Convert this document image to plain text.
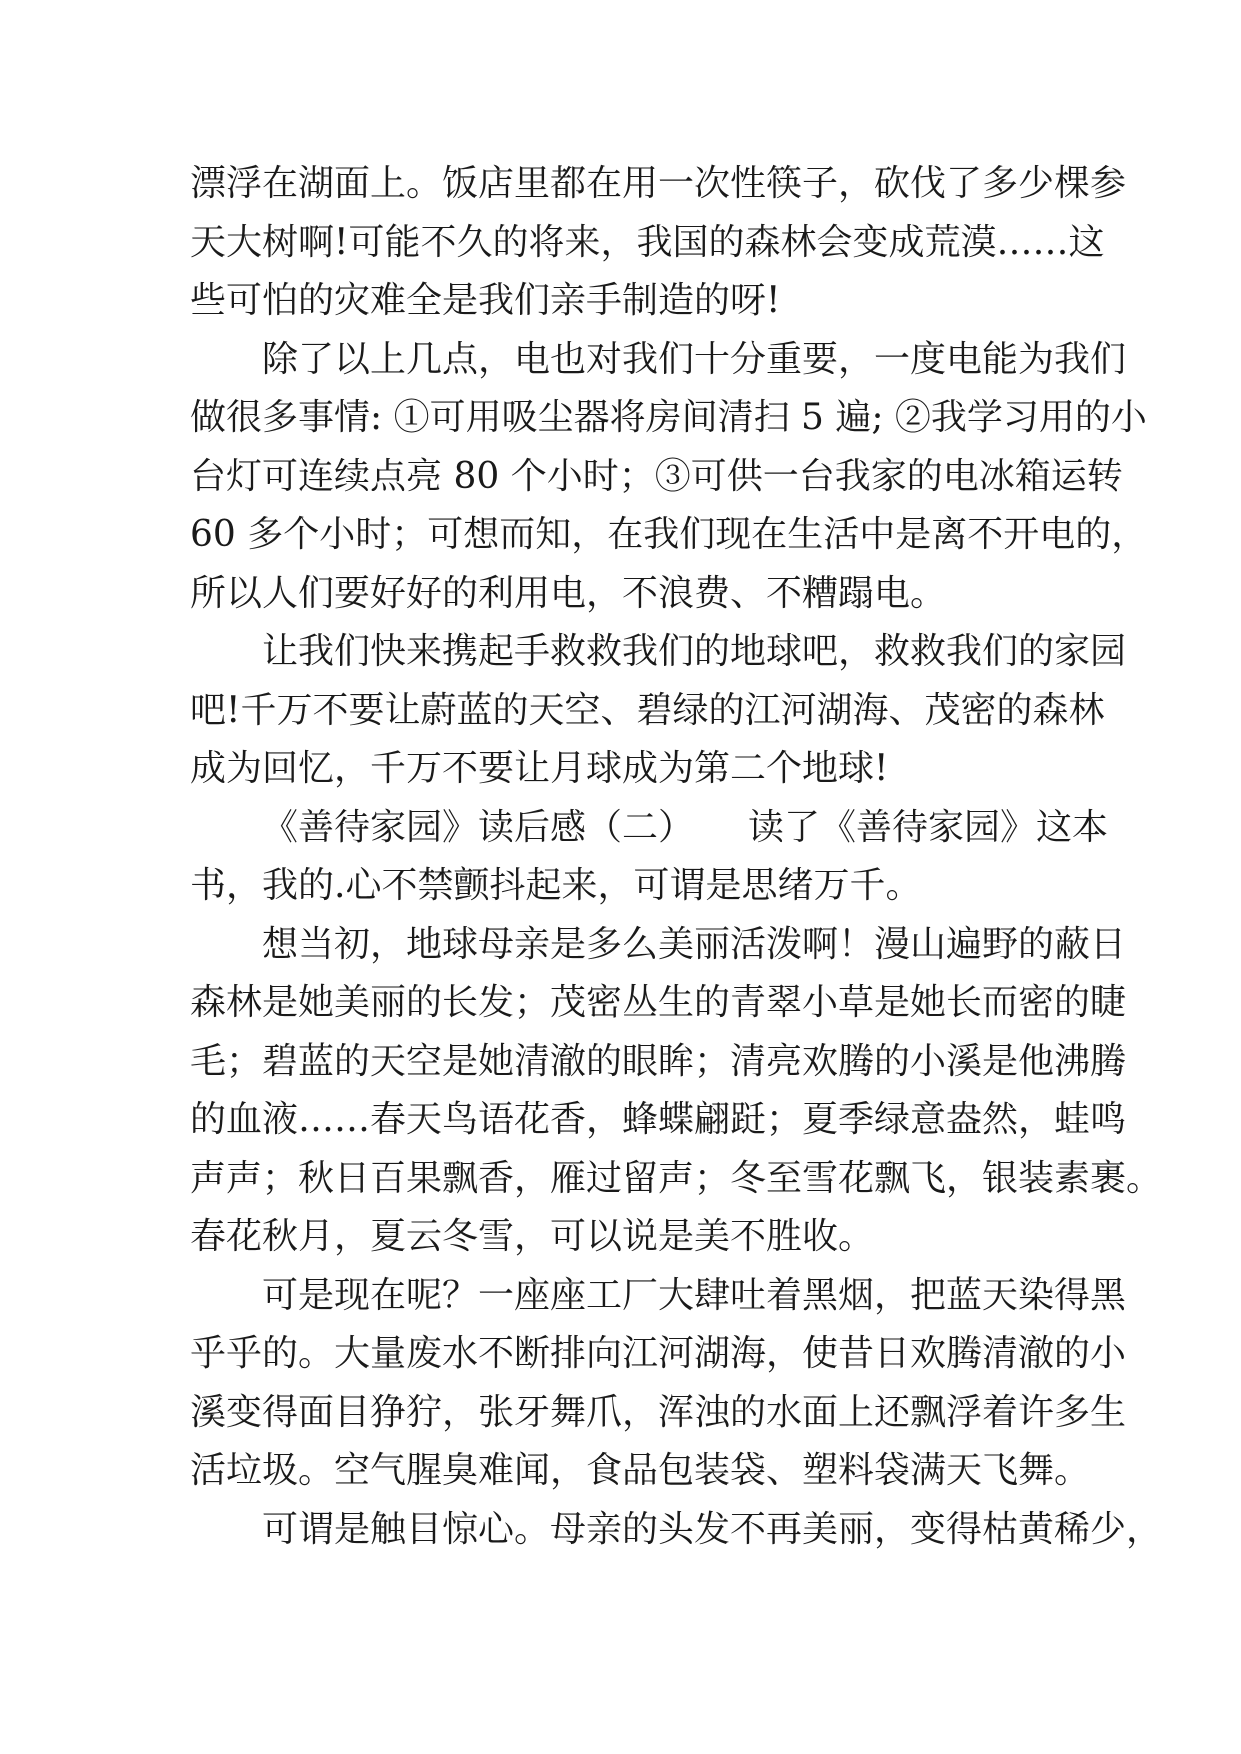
漂浮在湖面上。饭店里都在用一次性筷子，砍伐了多少棵参
天大树啊!可能不久的将来，我国的森林会变成荒漠……这
些可怕的灾难全是我们亲手制造的呀!
除了以上几点，电也对我们十分重要，一度电能为我们
做很多事情: ①可用吸尘器将房间清扫 5 遍; ②我学习用的小
台灯可连续点亮 80 个小时；③可供一台我家的电冰箱运转
60 多个小时；可想而知，在我们现在生活中是离不开电的，
所以人们要好好的利用电，不浪费、不糟蹋电。
让我们快来携起手救救我们的地球吧，救救我们的家园
吧!千万不要让蔚蓝的天空、碧绿的江河湖海、茂密的森林
成为回忆，千万不要让月球成为第二个地球!
《善待家园》读后感（二）　　读了《善待家园》这本
书，我的.心不禁颤抖起来，可谓是思绪万千。
想当初，地球母亲是多么美丽活泼啊！漫山遍野的蔽日
森林是她美丽的长发；茂密丛生的青翠小草是她长而密的睫
毛；碧蓝的天空是她清澈的眼眸；清亮欢腾的小溪是他沸腾
的血液……春天鸟语花香，蜂蝶翩跹；夏季绿意盎然，蛙鸣
声声；秋日百果飘香，雁过留声；冬至雪花飘飞，银装素裹。
春花秋月，夏云冬雪，可以说是美不胜收。
可是现在呢？一座座工厂大肆吐着黑烟，把蓝天染得黑
乎乎的。大量废水不断排向江河湖海，使昔日欢腾清澈的小
溪变得面目狰狞，张牙舞爪，浑浊的水面上还飘浮着许多生
活垃圾。空气腥臭难闻，食品包装袋、塑料袋满天飞舞。
可谓是触目惊心。母亲的头发不再美丽，变得枯黄稀少，
